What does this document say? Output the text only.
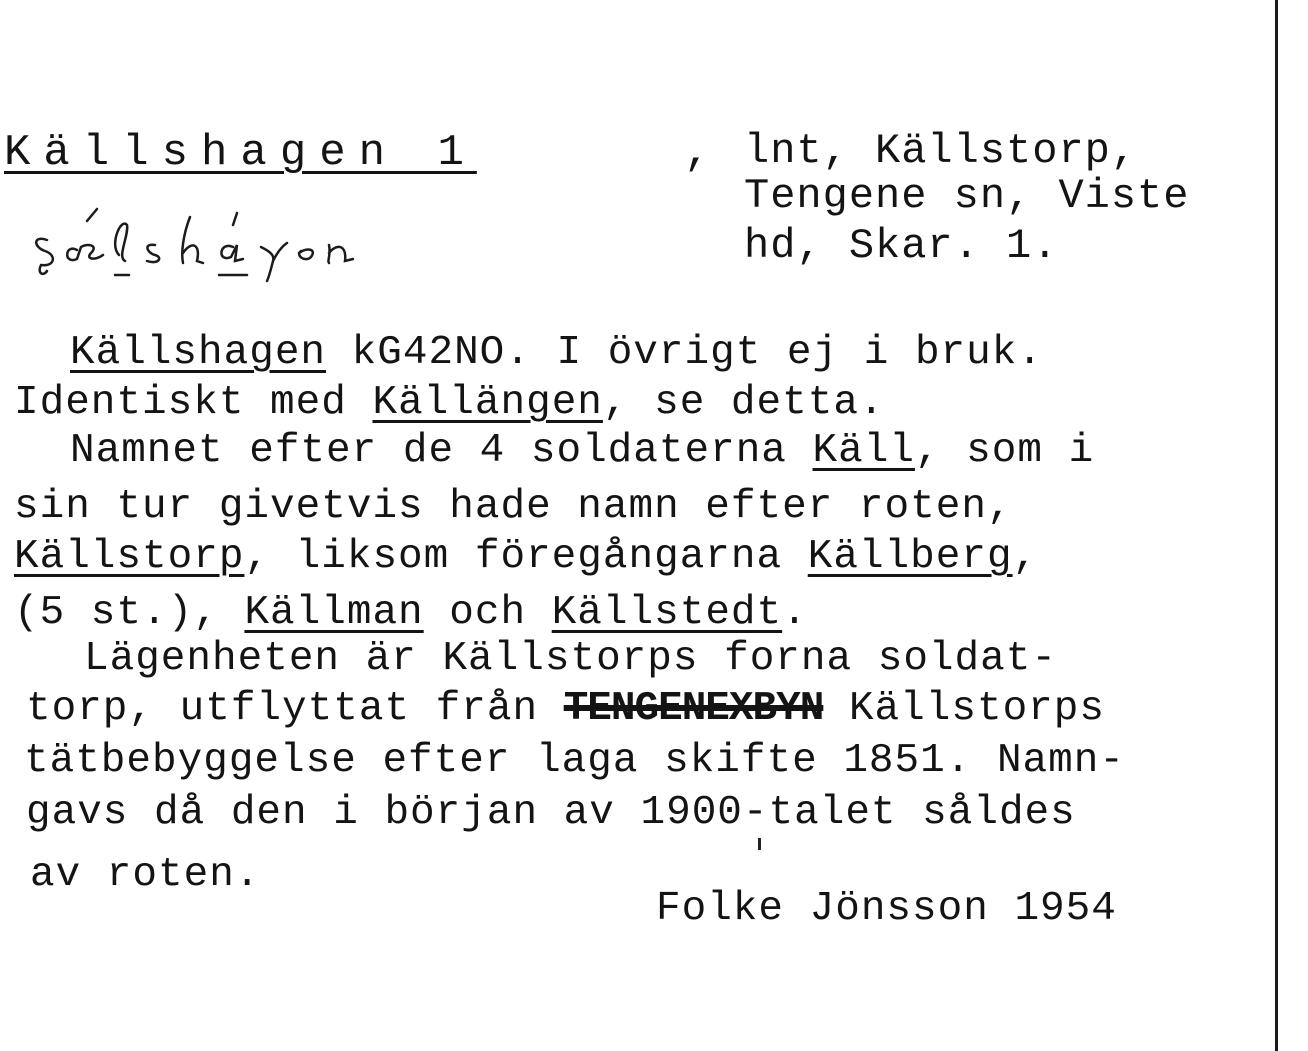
Källshagen 1	, lnt, Källstorp,
Tengene sn, Viste
hd, Skar. 1.
Källshagen kG42NO. I övrigt ej i bruk.
Identiskt med Källängen, se detta.
Namnet efter de 4 soldaterna Käll, som i
sin tur givetvis hade namn efter roten,
Källstorp, liksom föregångarna Källberg,
(5 st.), Källman och Källstedt.
Lägenheten är Källstorps forna soldat-
torp, utflyttat från TENGENEXBYN Källstorps
tätbebyggelse efter laga skifte 1851. Namn-
gavs då den i början av 1900-talet såldes
av roten.
Folke Jönsson 1954
